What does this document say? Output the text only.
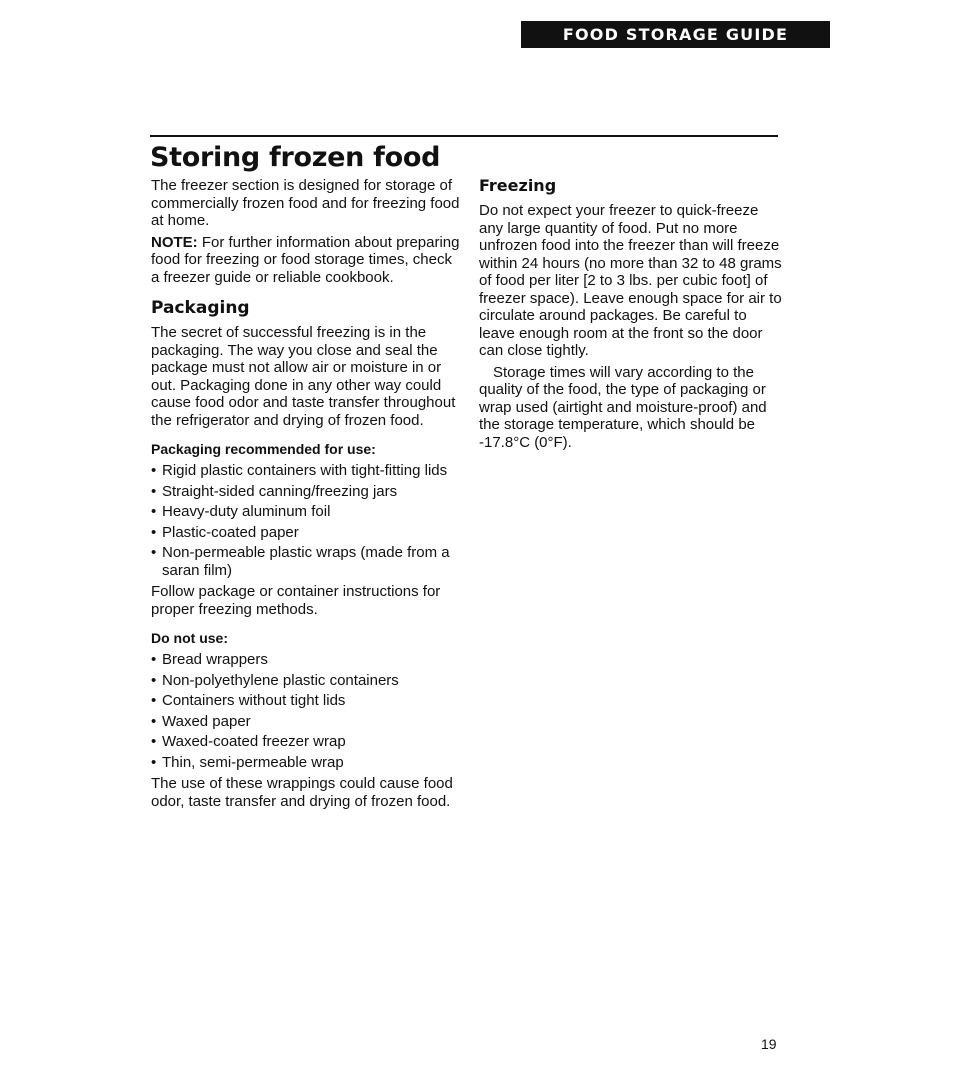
FOOD STORAGE GUIDE
Storing frozen food

The freezer section is designed for storage of commercially frozen food and for freezing food at home.

NOTE: For further information about preparing food for freezing or food storage times, check a freezer guide or reliable cookbook.

Packaging

The secret of successful freezing is in the packaging. The way you close and seal the package must not allow air or moisture in or out. Packaging done in any other way could cause food odor and taste transfer throughout the refrigerator and drying of frozen food.

Packaging recommended for use:
• Rigid plastic containers with tight-fitting lids
• Straight-sided canning/freezing jars
• Heavy-duty aluminum foil
• Plastic-coated paper
• Non-permeable plastic wraps (made from a saran film)

Follow package or container instructions for proper freezing methods.

Do not use:
• Bread wrappers
• Non-polyethylene plastic containers
• Containers without tight lids
• Waxed paper
• Waxed-coated freezer wrap
• Thin, semi-permeable wrap

The use of these wrappings could cause food odor, taste transfer and drying of frozen food.

Freezing

Do not expect your freezer to quick-freeze any large quantity of food. Put no more unfrozen food into the freezer than will freeze within 24 hours (no more than 32 to 48 grams of food per liter [2 to 3 lbs. per cubic foot] of freezer space). Leave enough space for air to circulate around packages. Be careful to leave enough room at the front so the door can close tightly.

Storage times will vary according to the quality of the food, the type of packaging or wrap used (airtight and moisture-proof) and the storage temperature, which should be -17.8°C (0°F).

19
